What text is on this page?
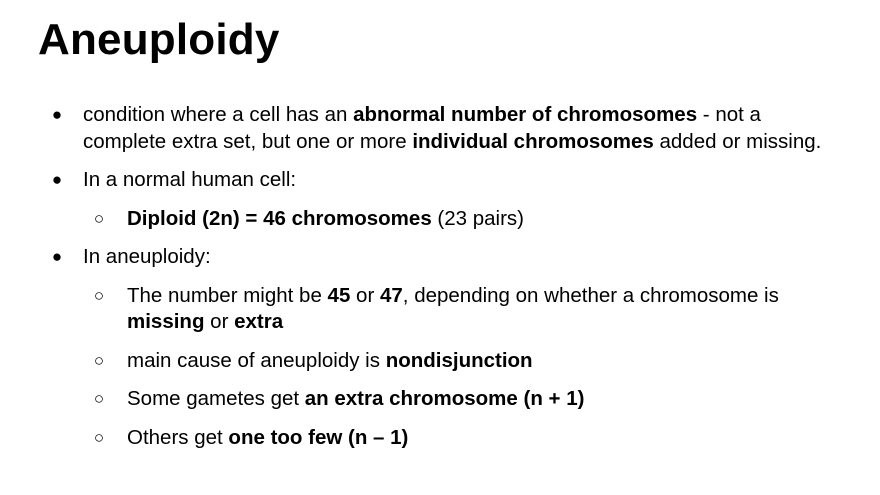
Aneuploidy
● condition where a cell has an abnormal number of chromosomes - not a complete extra set, but one or more individual chromosomes added or missing.
● In a normal human cell:
○ Diploid (2n) = 46 chromosomes (23 pairs)
● In aneuploidy:
○ The number might be 45 or 47, depending on whether a chromosome is missing or extra
○ main cause of aneuploidy is nondisjunction
○ Some gametes get an extra chromosome (n + 1)
○ Others get one too few (n – 1)
